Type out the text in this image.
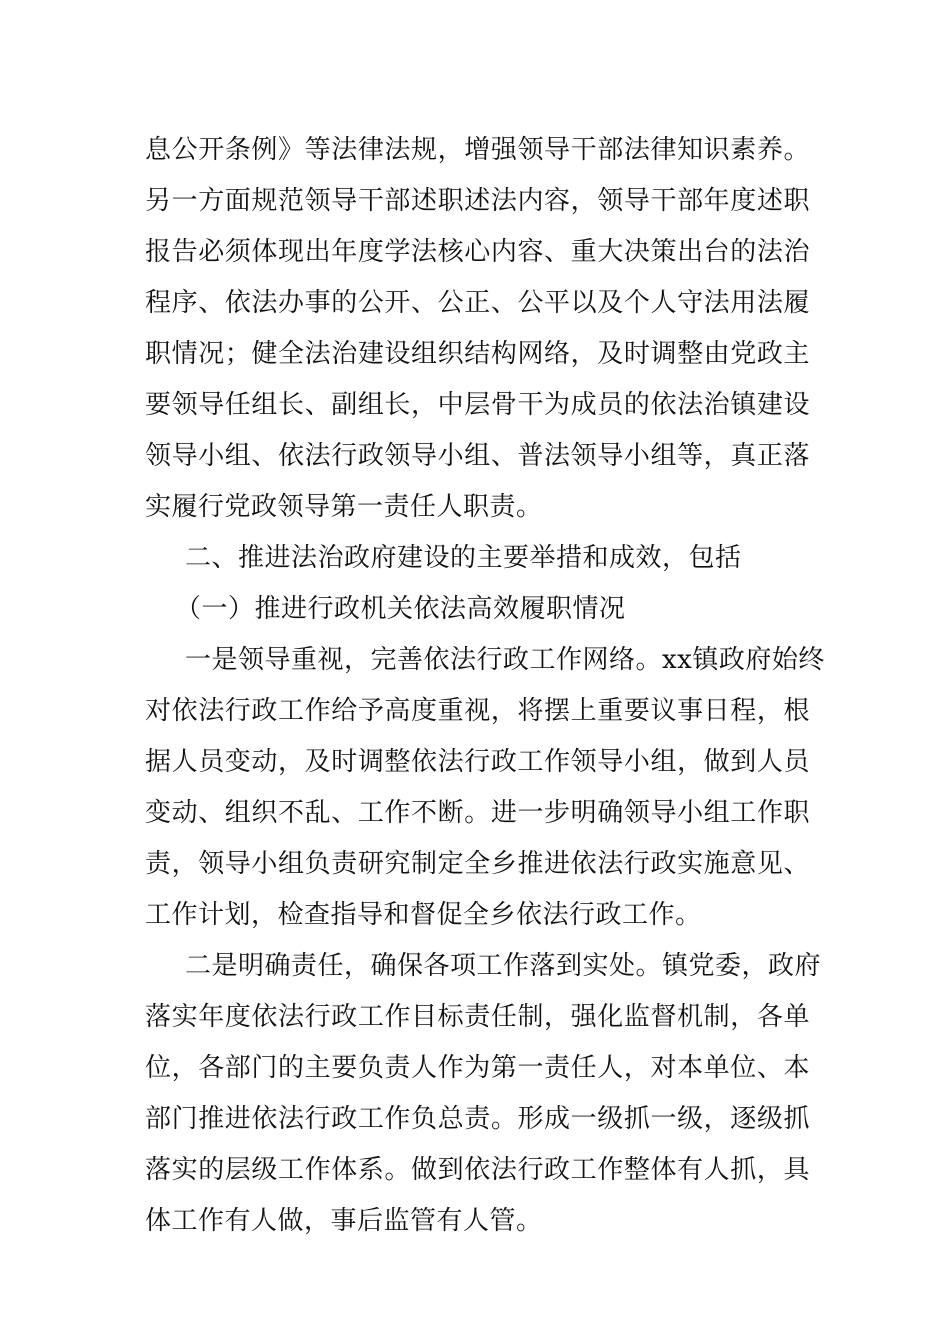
息公开条例》等法律法规，增强领导干部法律知识素养。
另一方面规范领导干部述职述法内容，领导干部年度述职
报告必须体现出年度学法核心内容、重大决策出台的法治
程序、依法办事的公开、公正、公平以及个人守法用法履
职情况；健全法治建设组织结构网络，及时调整由党政主
要领导任组长、副组长，中层骨干为成员的依法治镇建设
领导小组、依法行政领导小组、普法领导小组等，真正落
实履行党政领导第一责任人职责。
二、推进法治政府建设的主要举措和成效，包括
（一）推进行政机关依法高效履职情况
一是领导重视，完善依法行政工作网络。xx镇政府始终
对依法行政工作给予高度重视，将摆上重要议事日程，根
据人员变动，及时调整依法行政工作领导小组，做到人员
变动、组织不乱、工作不断。进一步明确领导小组工作职
责，领导小组负责研究制定全乡推进依法行政实施意见、
工作计划，检查指导和督促全乡依法行政工作。
二是明确责任，确保各项工作落到实处。镇党委，政府
落实年度依法行政工作目标责任制，强化监督机制，各单
位，各部门的主要负责人作为第一责任人，对本单位、本
部门推进依法行政工作负总责。形成一级抓一级，逐级抓
落实的层级工作体系。做到依法行政工作整体有人抓，具
体工作有人做，事后监管有人管。
